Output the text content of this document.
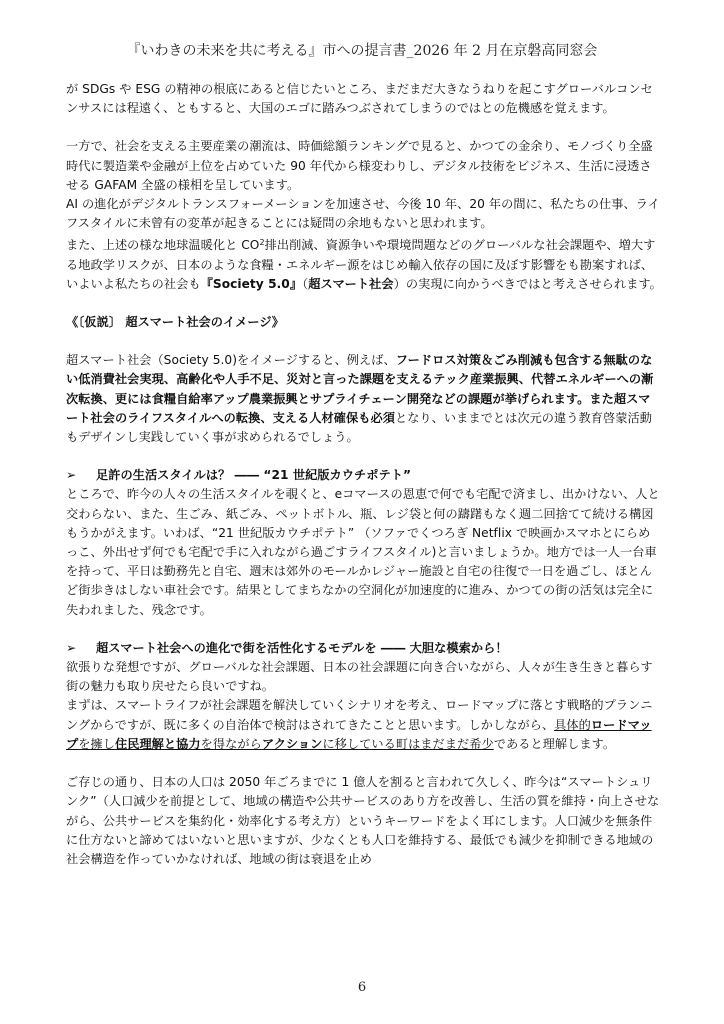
『いわきの未来を共に考える』市への提言書_2026 年 2 月在京磐高同窓会

が SDGs や ESG の精神の根底にあると信じたいところ、まだまだ大きなうねりを起こすグローバルコンセンサスには程遠く、ともすると、大国のエゴに踏みつぶされてしまうのではとの危機感を覚えます。

一方で、社会を支える主要産業の潮流は、時価総額ランキングで見ると、かつての金余り、モノづくり全盛時代に製造業や金融が上位を占めていた 90 年代から様変わりし、デジタル技術をビジネス、生活に浸透させる GAFAM 全盛の様相を呈しています。

AI の進化がデジタルトランスフォーメーションを加速させ、今後 10 年、20 年の間に、私たちの仕事、ライフスタイルに未曾有の変革が起きることには疑問の余地もないと思われます。

また、上述の様な地球温暖化と $CO^2$排出削減、資源争いや環境問題などのグローバルな社会課題や、増大する地政学リスクが、日本のような食糧・エネルギー源をはじめ輸入依存の国に及ぼす影響をも勘案すれば、いよいよ私たちの社会も『Society 5.0』（超スマート社会）の実現に向かうべきではと考えさせられます。

《〔仮説〕 超スマート社会のイメージ》

超スマート社会（Society 5.0)をイメージすると、例えば、フードロス対策＆ごみ削減も包含する無駄のない低消費社会実現、高齢化や人手不足、災対と言った課題を支えるテック産業振興、代替エネルギーへの漸次転換、更には食糧自給率アップ農業振興とサプライチェーン開発などの課題が挙げられます。また超スマート社会のライフスタイルへの転換、支える人材確保も必須となり、いままでとは次元の違う教育啓蒙活動もデザインし実践していく事が求められるでしょう。

➢ 足許の生活スタイルは？ ―― “21 世紀版カウチポテト”

ところで、昨今の人々の生活スタイルを覗くと、eコマースの恩恵で何でも宅配で済まし、出かけない、人と交わらない、また、生ごみ、紙ごみ、ペットボトル、瓶、レジ袋と何の躊躇もなく週二回捨てて続ける構図もうかがえます。いわば、“21 世紀版カウチポテト” （ソファでくつろぎ Netflix で映画かスマホとにらめっこ、外出せず何でも宅配で手に入れながら過ごすライフスタイル)と言いましょうか。地方では一人一台車を持って、平日は勤務先と自宅、週末は郊外のモールかレジャー施設と自宅の往復で一日を過ごし、ほとんど街歩きはしない車社会です。結果としてまちなかの空洞化が加速度的に進み、かつての街の活気は完全に失われました、残念です。

➢ 超スマート社会への進化で街を活性化するモデルを ―― 大胆な模索から！

欲張りな発想ですが、グローバルな社会課題、日本の社会課題に向き合いながら、人々が生き生きと暮らす街の魅力も取り戻せたら良いですね。

まずは、スマートライフが社会課題を解決していくシナリオを考え、ロードマップに落とす戦略的プランニングからですが、既に多くの自治体で検討はされてきたことと思います。しかしながら、具体的ロードマップを擁し住民理解と協力を得ながらアクションに移している町はまだまだ希少であると理解します。

ご存じの通り、日本の人口は 2050 年ごろまでに 1 億人を割ると言われて久しく、昨今は“スマートシュリンク”（人口減少を前提として、地域の構造や公共サービスのあり方を改善し、生活の質を維持・向上させながら、公共サービスを集約化・効率化する考え方）というキーワードをよく耳にします。人口減少を無条件に仕方ないと諦めてはいないと思いますが、少なくとも人口を維持する、最低でも減少を抑制できる地域の社会構造を作っていかなければ、地域の街は衰退を止め

6
